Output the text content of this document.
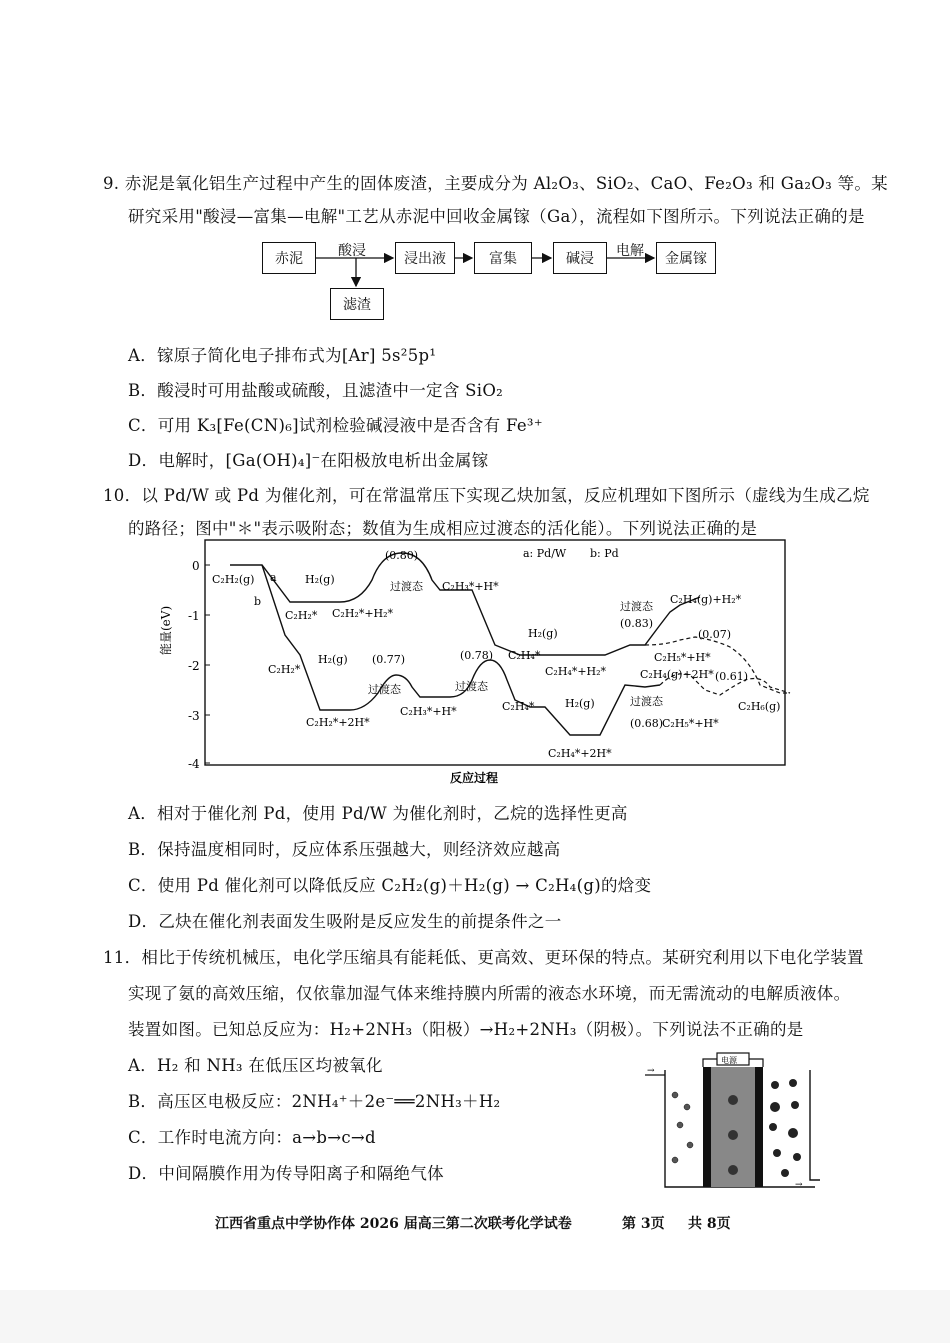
9. 赤泥是氧化铝生产过程中产生的固体废渣，主要成分为 Al₂O₃、SiO₂、CaO、Fe₂O₃ 和 Ga₂O₃ 等。某
研究采用"酸浸—富集—电解"工艺从赤泥中回收金属镓（Ga），流程如下图所示。下列说法正确的是
赤泥	浸出液	富集	碱浸	金属镓
滤渣
酸浸	电解
A．镓原子简化电子排布式为[Ar] 5s²5p¹
B．酸浸时可用盐酸或硫酸，且滤渣中一定含 SiO₂
C．可用 K₃[Fe(CN)₆]试剂检验碱浸液中是否含有 Fe³⁺
D．电解时，[Ga(OH)₄]⁻在阳极放电析出金属镓
10．以 Pd/W 或 Pd 为催化剂，可在常温常压下实现乙炔加氢，反应机理如下图所示（虚线为生成乙烷
的路径；图中"＊"表示吸附态；数值为生成相应过渡态的活化能）。下列说法正确的是
0
-1
-2
-3
-4
能量(eV)
反应过程
a: Pd/W b: Pd
C₂H₂(g) a
b
C₂H₂*
H₂(g)
C₂H₂*+H₂*
(0.80)
过渡态 C₂H₃*+H*
H₂(g)
C₂H₄*
C₂H₄*+H₂*
过渡态
(0.83)
C₂H₄(g)+H₂*
(0.07)
C₂H₅*+H*
C₂H₂*
H₂(g)
C₂H₂*+2H*
(0.77)
过渡态
C₂H₃*+H*
(0.78)
过渡态
C₂H₄*	H₂(g)
C₂H₄*+2H*
C₂H₄(g)+2H*
过渡态
(0.68)
C₂H₅*+H*
(0.61)
C₂H₆(g)
A．相对于催化剂 Pd，使用 Pd/W 为催化剂时，乙烷的选择性更高
B．保持温度相同时，反应体系压强越大，则经济效应越高
C．使用 Pd 催化剂可以降低反应 C₂H₂(g)＋H₂(g) → C₂H₄(g)的焓变
D．乙炔在催化剂表面发生吸附是反应发生的前提条件之一
11．相比于传统机械压，电化学压缩具有能耗低、更高效、更环保的特点。某研究利用以下电化学装置
实现了氨的高效压缩，仅依靠加湿气体来维持膜内所需的液态水环境，而无需流动的电解质液体。
装置如图。已知总反应为：H₂+2NH₃（阳极）→H₂+2NH₃（阴极）。下列说法不正确的是
A．H₂ 和 NH₃ 在低压区均被氧化
B．高压区电极反应：2NH₄⁺＋2e⁻══2NH₃＋H₂
C．工作时电流方向：a→b→c→d
D．中间隔膜作用为传导阳离子和隔绝气体
电源
→
→
江西省重点中学协作体 2026 届高三第二次联考化学试卷	第 3页 共 8页
